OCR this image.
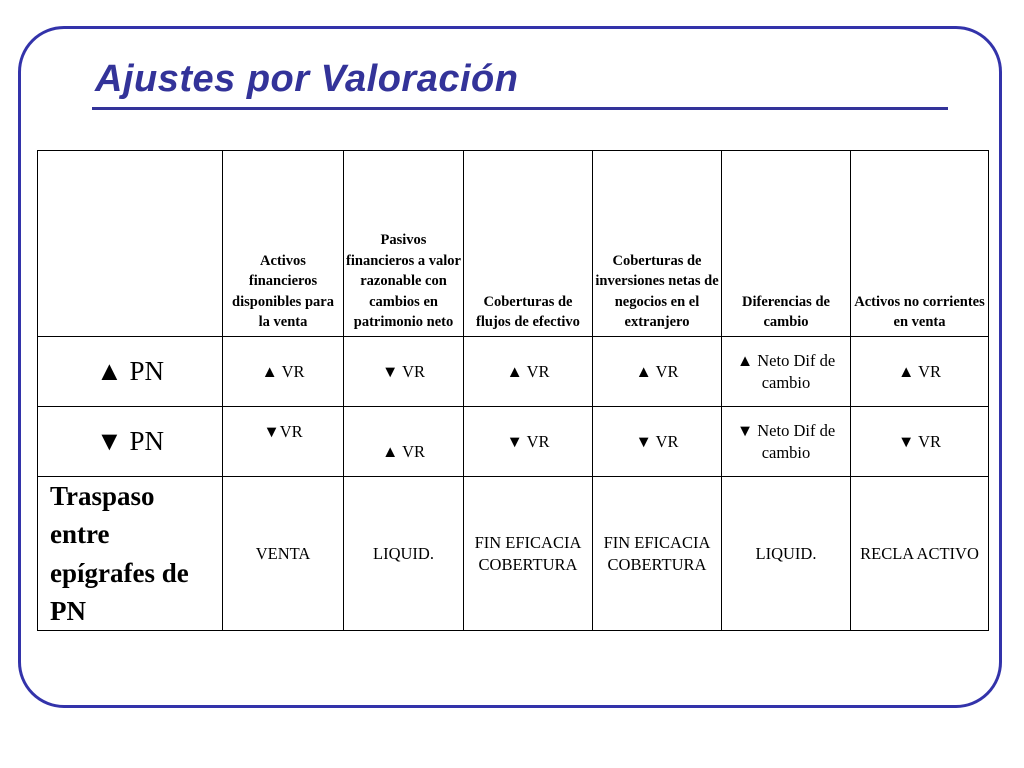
Ajustes por Valoración
	Activos financieros disponibles para la venta	Pasivos financieros a valor razonable con cambios en patrimonio neto	Coberturas de flujos de efectivo	Coberturas de inversiones netas de negocios en el extranjero	Diferencias de cambio	Activos no corrientes en venta
▲ PN	▲ VR	▼ VR	▲ VR	▲ VR	▲ Neto Dif de cambio	▲ VR
▼ PN	▼VR	▲ VR	▼ VR	▼ VR	▼ Neto Dif de cambio	▼ VR
Traspaso entre epígrafes de PN	VENTA	LIQUID.	FIN EFICACIA COBERTURA	FIN EFICACIA COBERTURA	LIQUID.	RECLA ACTIVO
